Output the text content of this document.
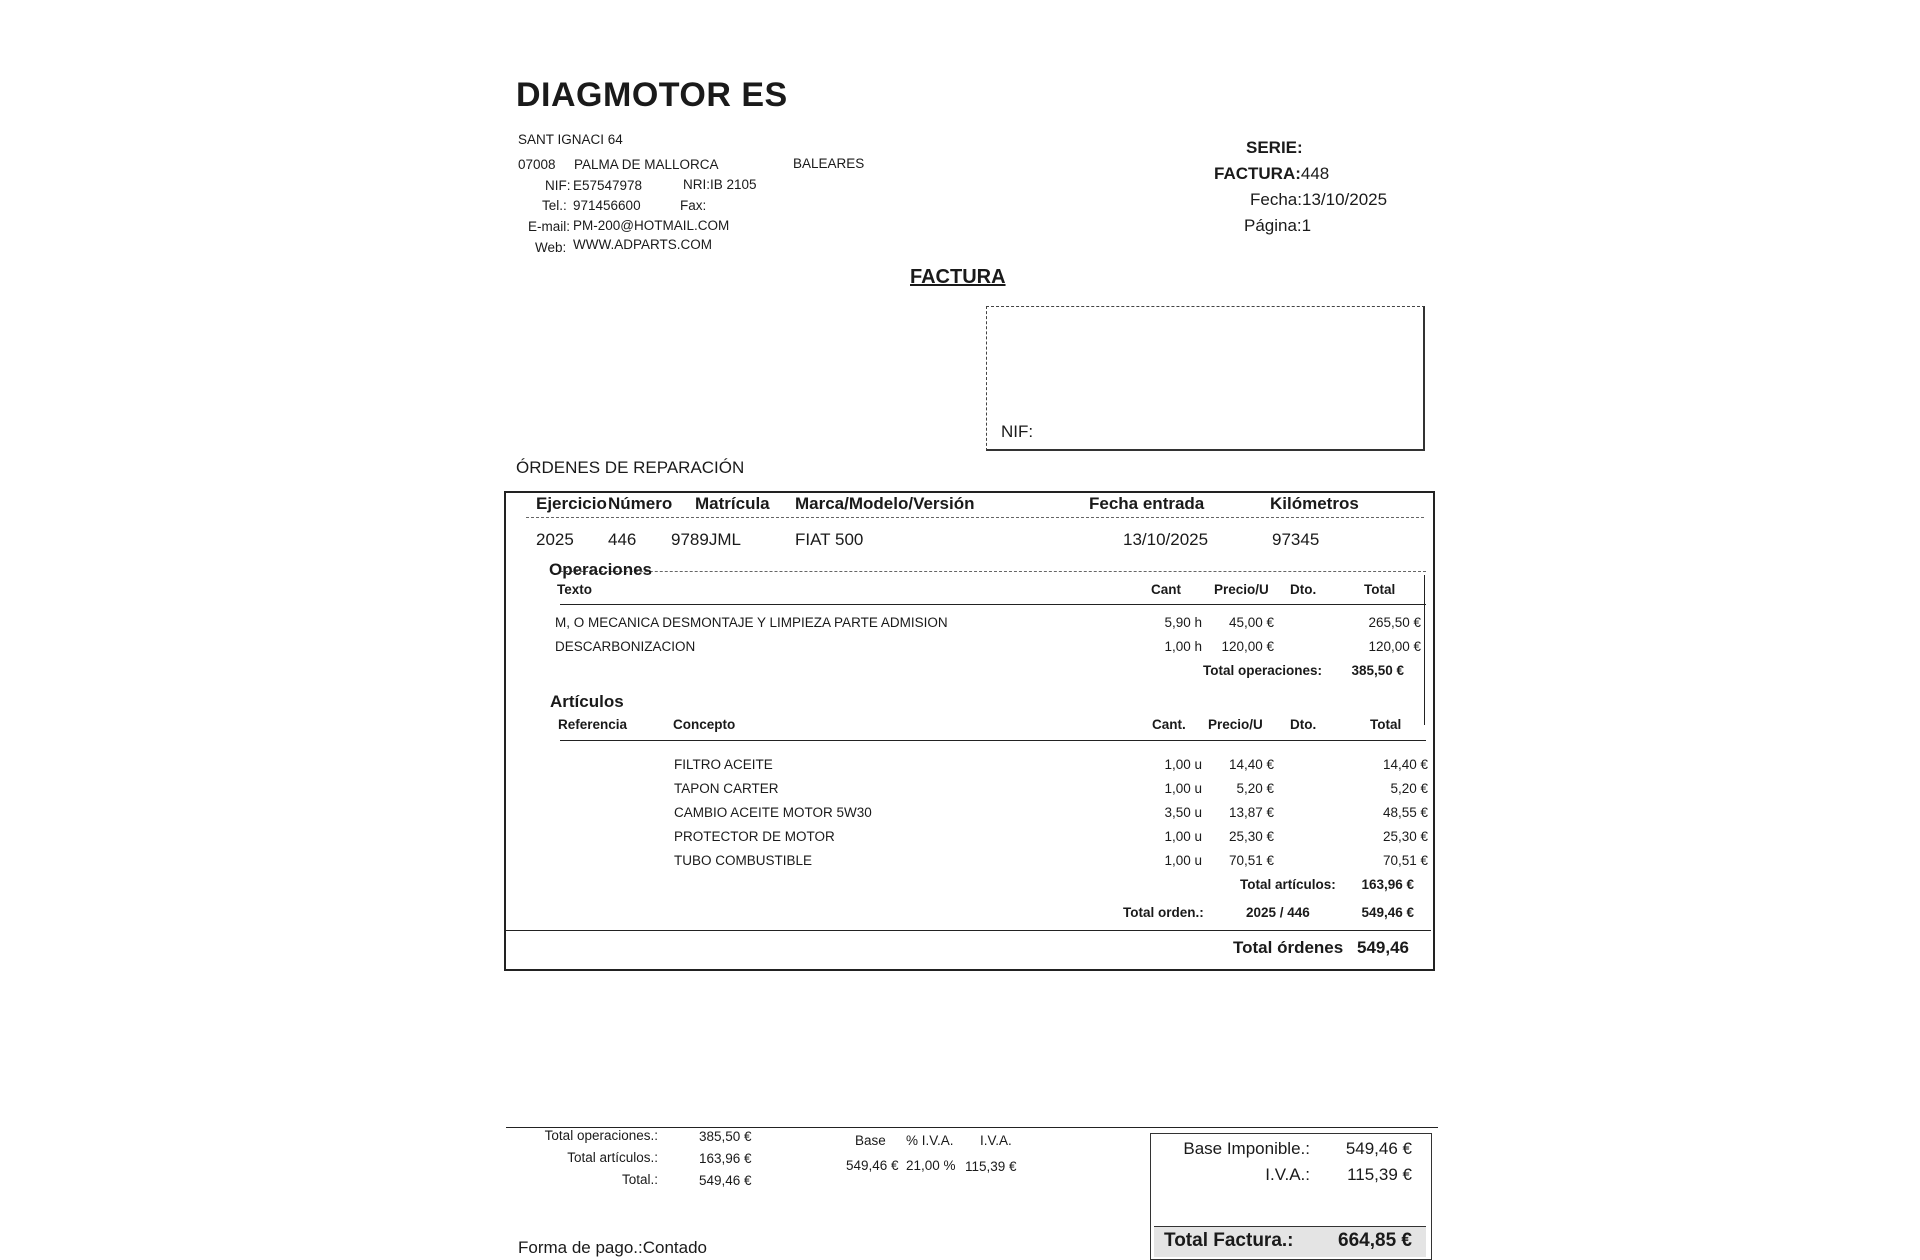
DIAGMOTOR ES
SANT IGNACI 64
07008 PALMA DE MALLORCA	BALEARES
NIF: E57547978	NRI:IB 2105
Tel.: 971456600	Fax:
E-mail: PM-200@HOTMAIL.COM
Web: WWW.ADPARTS.COM
SERIE:
FACTURA:448
Fecha:13/10/2025
Página:1
FACTURA
NIF:
ÓRDENES DE REPARACIÓN
Ejercicio Número Matrícula Marca/Modelo/Versión	Fecha entrada	Kilómetros
2025 446 9789JML	FIAT 500	13/10/2025	97345
Operaciones
Texto	Cant Precio/U Dto.	Total
M, O MECANICA DESMONTAJE Y LIMPIEZA PARTE ADMISION	5,90 h	45,00 €	265,50 €
DESCARBONIZACION	1,00 h	120,00 €	120,00 €
Total operaciones:	385,50 €
Artículos
Referencia	Concepto	Cant. Precio/U Dto.	Total
FILTRO ACEITE	1,00 u	14,40 €	14,40 €
TAPON CARTER	1,00 u	5,20 €	5,20 €
CAMBIO ACEITE MOTOR 5W30	3,50 u	13,87 €	48,55 €
PROTECTOR DE MOTOR	1,00 u	25,30 €	25,30 €
TUBO COMBUSTIBLE	1,00 u	70,51 €	70,51 €
Total artículos:	163,96 €
Total orden.:	2025 / 446	549,46 €
Total órdenes 549,46
Total operaciones.:	385,50 €
Total artículos.:	163,96 €
Total.:	549,46 €
Base % I.V.A. I.V.A.
549,46 € 21,00 % 115,39 €
Base Imponible.:	549,46 €
I.V.A.:	115,39 €
Total Factura.:	664,85 €
Forma de pago.:Contado
